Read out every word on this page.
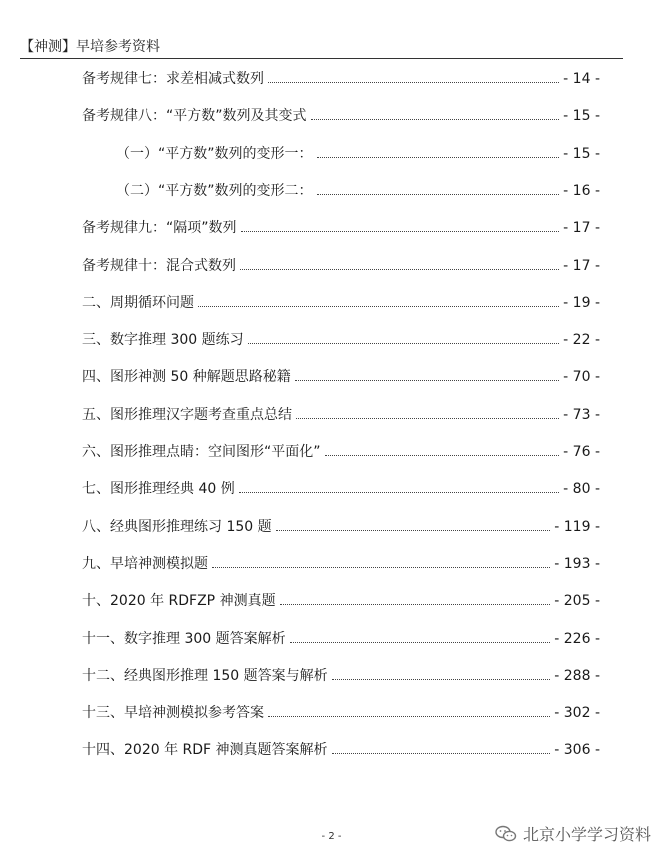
【神测】早培参考资料
备考规律七：求差相减式数列	- 14 -
备考规律八：“平方数”数列及其变式	- 15 -
（一）“平方数”数列的变形一：	- 15 -
（二）“平方数”数列的变形二：	- 16 -
备考规律九：“隔项”数列	- 17 -
备考规律十：混合式数列	- 17 -
二、周期循环问题	- 19 -
三、数字推理 300 题练习	- 22 -
四、图形神测 50 种解题思路秘籍	- 70 -
五、图形推理汉字题考查重点总结	- 73 -
六、图形推理点睛：空间图形“平面化”	- 76 -
七、图形推理经典 40 例	- 80 -
八、经典图形推理练习 150 题	- 119 -
九、早培神测模拟题	- 193 -
十、2020 年 RDFZP 神测真题	- 205 -
十一、数字推理 300 题答案解析	- 226 -
十二、经典图形推理 150 题答案与解析	- 288 -
十三、早培神测模拟参考答案	- 302 -
十四、2020 年 RDF 神测真题答案解析	- 306 -
- 2 -	北京小学学习资料
